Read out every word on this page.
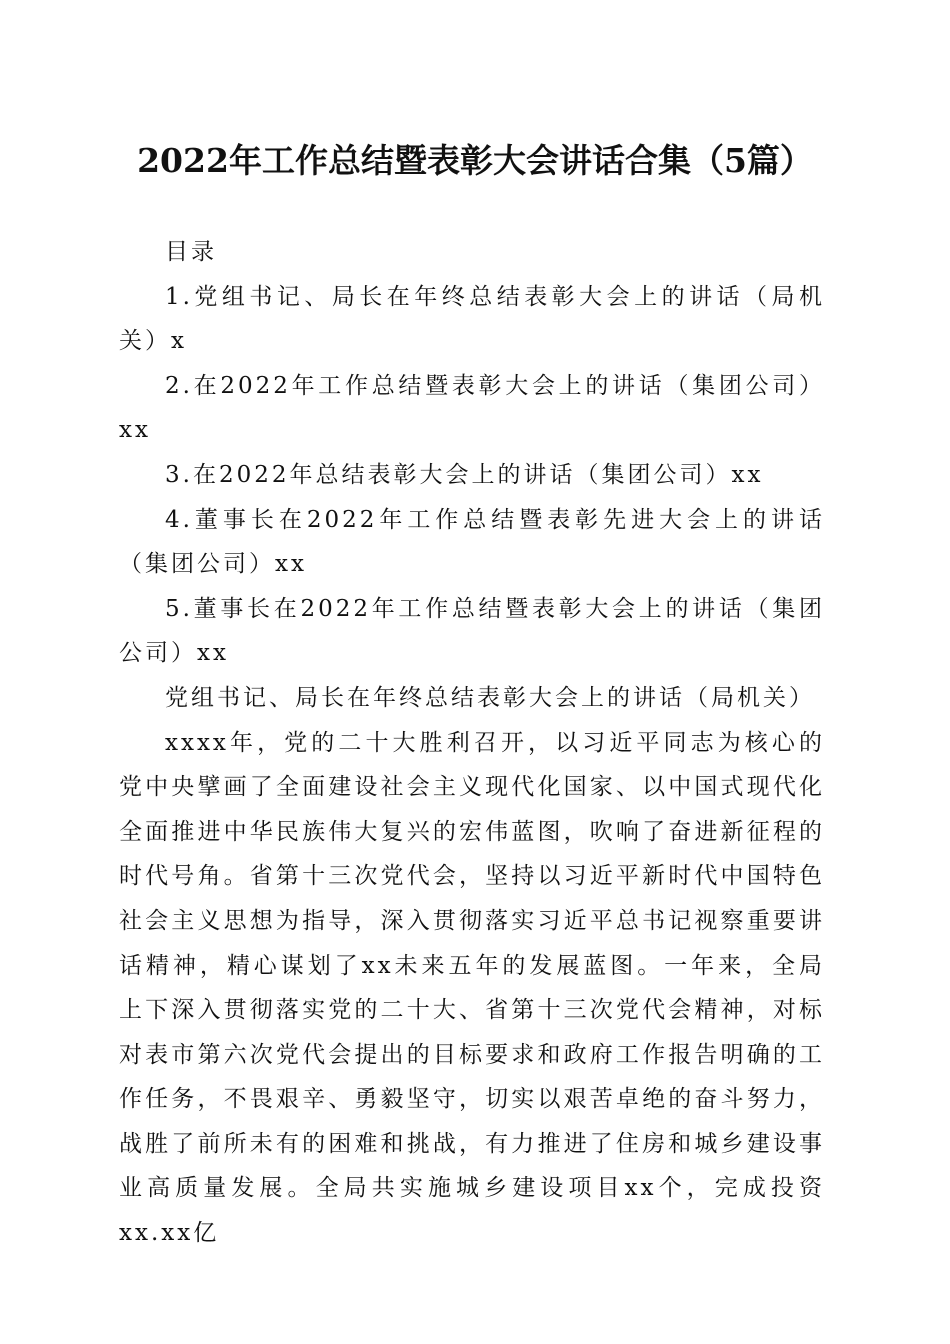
2022年工作总结暨表彰大会讲话合集（5篇）

目录

1.党组书记、局长在年终总结表彰大会上的讲话（局机关）x

2.在2022年工作总结暨表彰大会上的讲话（集团公司）xx

3.在2022年总结表彰大会上的讲话（集团公司）xx

4.董事长在2022年工作总结暨表彰先进大会上的讲话（集团公司）xx

5.董事长在2022年工作总结暨表彰大会上的讲话（集团公司）xx

党组书记、局长在年终总结表彰大会上的讲话（局机关）

xxxx年，党的二十大胜利召开，以习近平同志为核心的党中央擘画了全面建设社会主义现代化国家、以中国式现代化全面推进中华民族伟大复兴的宏伟蓝图，吹响了奋进新征程的时代号角。省第十三次党代会，坚持以习近平新时代中国特色社会主义思想为指导，深入贯彻落实习近平总书记视察重要讲话精神，精心谋划了xx未来五年的发展蓝图。一年来，全局上下深入贯彻落实党的二十大、省第十三次党代会精神，对标对表市第六次党代会提出的目标要求和政府工作报告明确的工作任务，不畏艰辛、勇毅坚守，切实以艰苦卓绝的奋斗努力，战胜了前所未有的困难和挑战，有力推进了住房和城乡建设事业高质量发展。全局共实施城乡建设项目xx个，完成投资xx.xx亿
